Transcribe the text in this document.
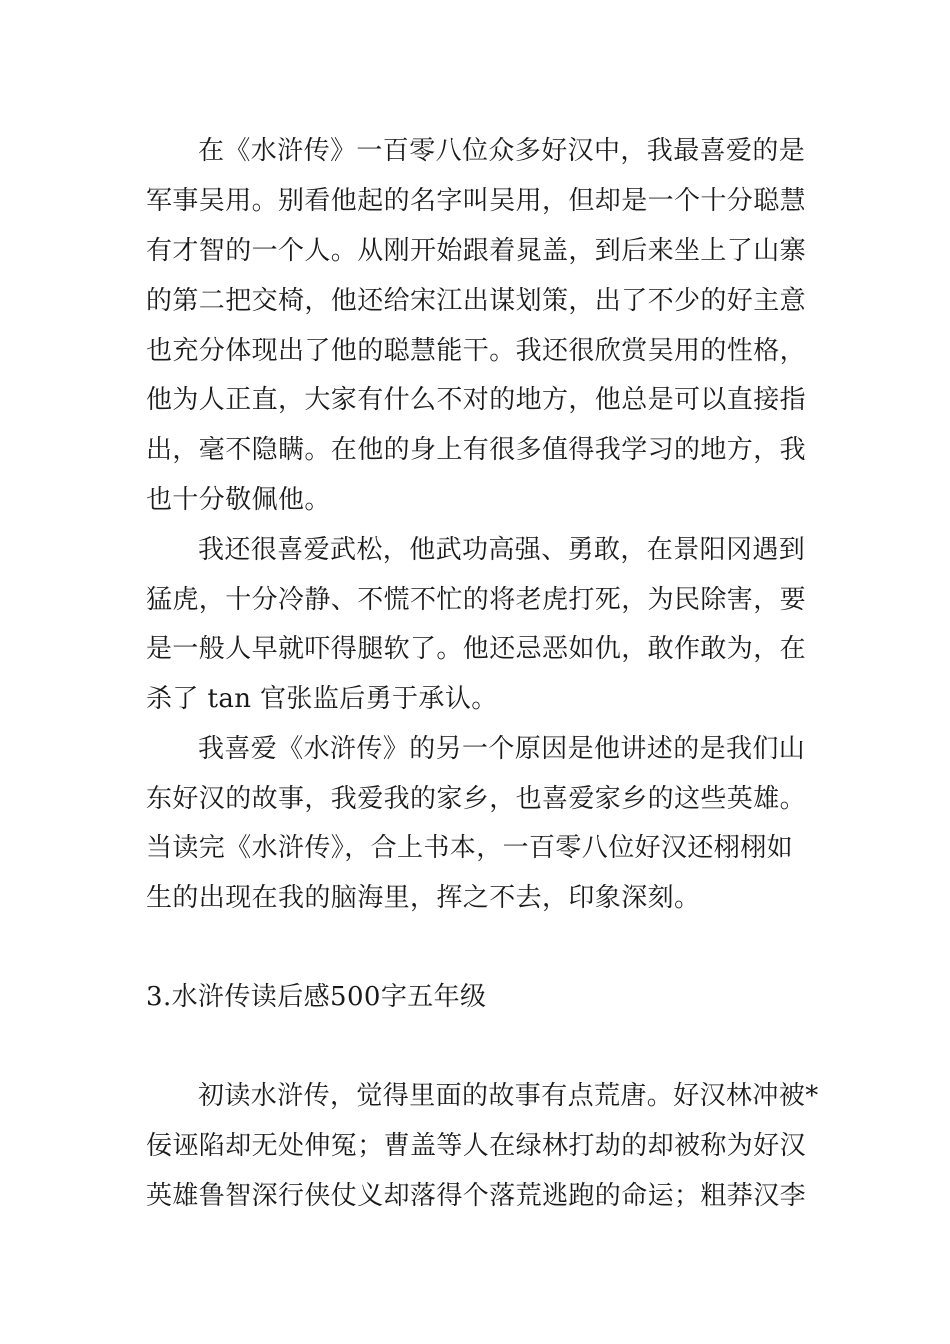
在《水浒传》一百零八位众多好汉中，我最喜爱的是
军事吴用。别看他起的名字叫吴用，但却是一个十分聪慧
有才智的一个人。从刚开始跟着晁盖，到后来坐上了山寨
的第二把交椅，他还给宋江出谋划策，出了不少的好主意
也充分体现出了他的聪慧能干。我还很欣赏吴用的性格，
他为人正直，大家有什么不对的地方，他总是可以直接指
出，毫不隐瞒。在他的身上有很多值得我学习的地方，我
也十分敬佩他。
我还很喜爱武松，他武功高强、勇敢，在景阳冈遇到
猛虎，十分冷静、不慌不忙的将老虎打死，为民除害，要
是一般人早就吓得腿软了。他还忌恶如仇，敢作敢为，在
杀了 tan 官张监后勇于承认。
我喜爱《水浒传》的另一个原因是他讲述的是我们山
东好汉的故事，我爱我的家乡，也喜爱家乡的这些英雄。
当读完《水浒传》，合上书本，一百零八位好汉还栩栩如
生的出现在我的脑海里，挥之不去，印象深刻。
3.水浒传读后感500字五年级
初读水浒传，觉得里面的故事有点荒唐。好汉林冲被*
佞诬陷却无处伸冤；曹盖等人在绿林打劫的却被称为好汉
英雄鲁智深行侠仗义却落得个落荒逃跑的命运；粗莽汉李
